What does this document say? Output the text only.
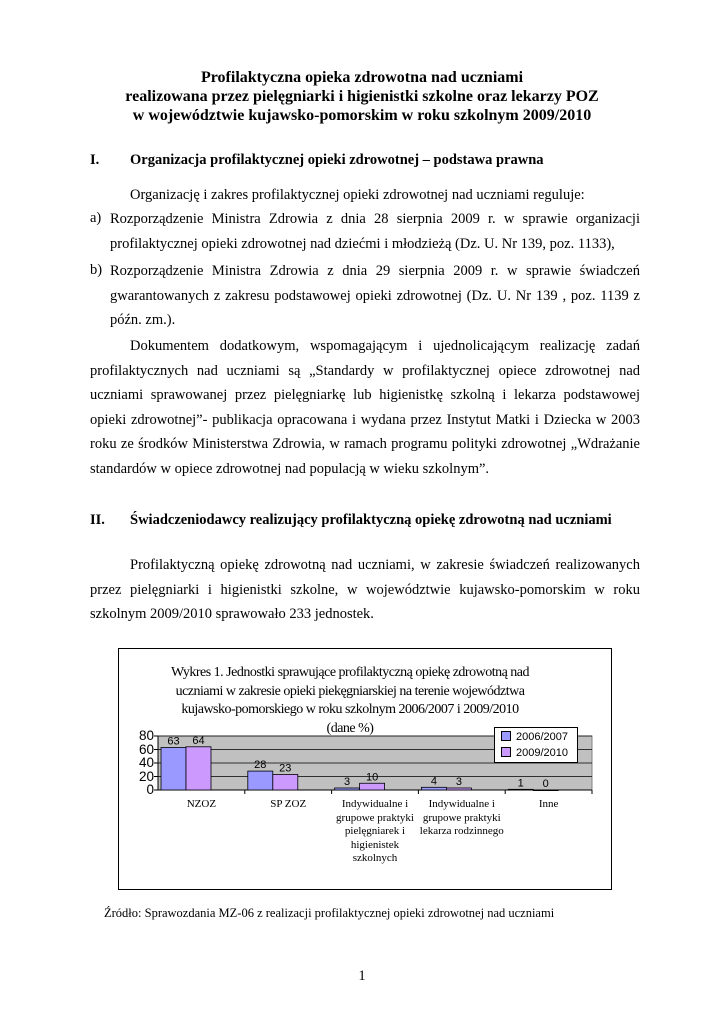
Profilaktyczna opieka zdrowotna nad uczniami
realizowana przez pielęgniarki i higienistki szkolne oraz lekarzy POZ
w województwie kujawsko-pomorskim w roku szkolnym 2009/2010
I. Organizacja profilaktycznej opieki zdrowotnej – podstawa prawna
Organizację i zakres profilaktycznej opieki zdrowotnej nad uczniami reguluje:
a) Rozporządzenie Ministra Zdrowia z dnia 28 sierpnia 2009 r. w sprawie organizacji profilaktycznej opieki zdrowotnej nad dziećmi i młodzieżą (Dz. U. Nr 139, poz. 1133),
b) Rozporządzenie Ministra Zdrowia z dnia 29 sierpnia 2009 r. w sprawie świadczeń gwarantowanych z zakresu podstawowej opieki zdrowotnej (Dz. U. Nr 139 , poz. 1139 z późn. zm.).
Dokumentem dodatkowym, wspomagającym i ujednolicającym realizację zadań profilaktycznych nad uczniami są „Standardy w profilaktycznej opiece zdrowotnej nad uczniami sprawowanej przez pielęgniarkę lub higienistkę szkolną i lekarza podstawowej opieki zdrowotnej”- publikacja opracowana i wydana przez Instytut Matki i Dziecka w 2003 roku ze środków Ministerstwa Zdrowia, w ramach programu polityki zdrowotnej „Wdrażanie standardów w opiece zdrowotnej nad populacją w wieku szkolnym”.
II. Świadczeniodawcy realizujący profilaktyczną opiekę zdrowotną nad uczniami
Profilaktyczną opiekę zdrowotną nad uczniami, w zakresie świadczeń realizowanych przez pielęgniarki i higienistki szkolne, w województwie kujawsko-pomorskim w roku szkolnym 2009/2010 sprawowało 233 jednostek.
Wykres 1. Jednostki sprawujące profilaktyczną opiekę zdrowotną nad
uczniami w zakresie opieki piekęgniarskiej na terenie województwa
kujawsko-pomorskiego w roku szkolnym 2006/2007 i 2009/2010
(dane %)
80
60
40
20
0
63 64
28 23
3 10	4 3	1 0
NZOZ	SP ZOZ	Indywidualne i
grupowe praktyki
pielęgniarek i
higienistek
szkolnych
Indywidualne i
grupowe praktyki
lekarza rodzinnego
Inne
2006/2007
2009/2010
Źródło: Sprawozdania MZ-06 z realizacji profilaktycznej opieki zdrowotnej nad uczniami
1
